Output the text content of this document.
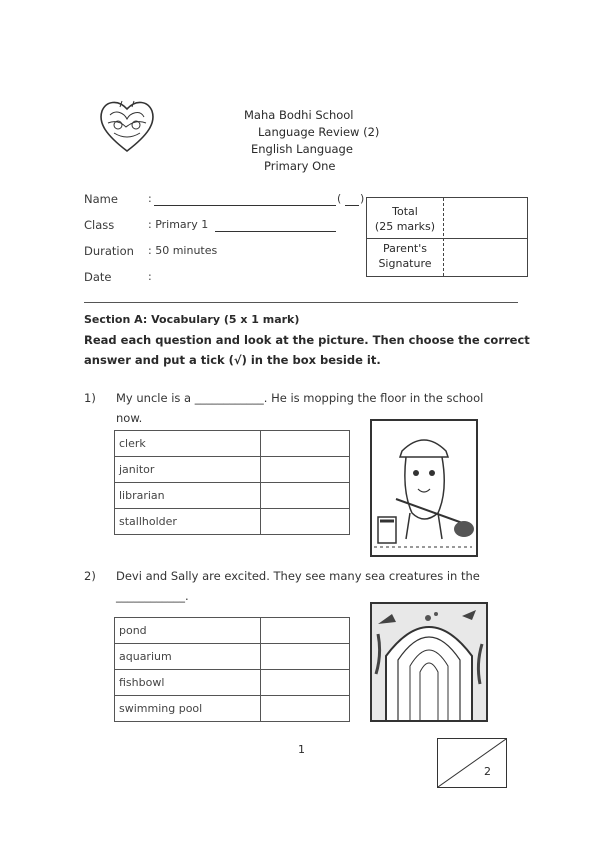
Maha Bodhi School
Language Review (2)
English Language
Primary One
Name	:	( )
Class	: Primary 1
Duration : 50 minutes
Date	:
Total
(25 marks)
Parent's
Signature
Section A: Vocabulary (5 x 1 mark)
Read each question and look at the picture. Then choose the correct
answer and put a tick (√) in the box beside it.
1) My uncle is a ____________. He is mopping the floor in the school
now.
clerk	
janitor	
librarian	
stallholder	
2) Devi and Sally are excited. They see many sea creatures in the
____________.
pond	
aquarium	
fishbowl	
swimming pool	
1
2
